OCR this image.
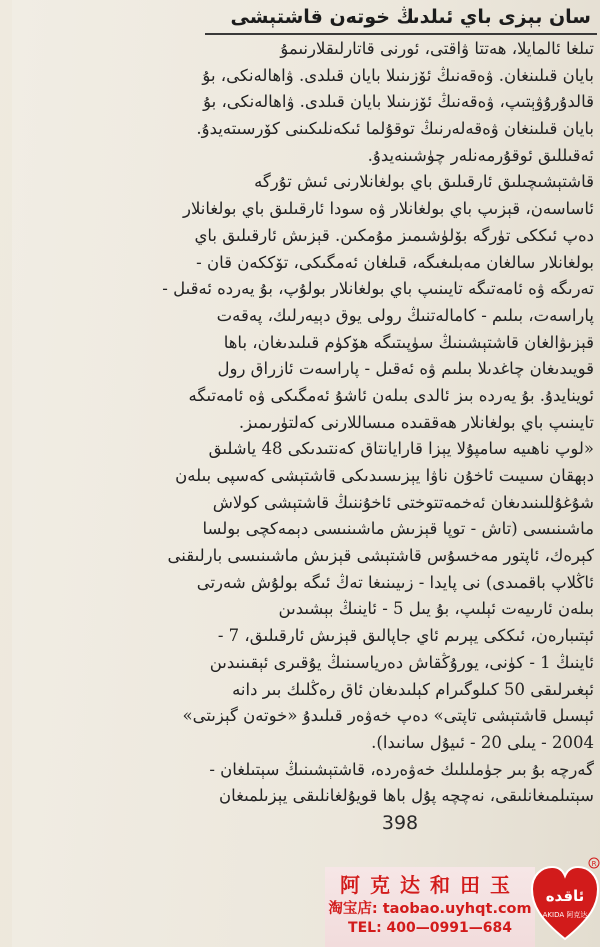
سان بېزى باي ئىلدىڭ خوتەن قاشتېشى
تىلغا ئالمايلا، ھەتتا ۋاقتى، ئورنى قاتارلىقلارنىمۇ
بايان قىلىنغان. ۋەقەنىڭ ئۆزىنىلا بايان قىلدى. ۋاھالەنكى، بۇ
قالدۇرۇۋېتىپ، ۋەقەنىڭ ئۆزىنىلا بايان قىلدى. ۋاھالەنكى، بۇ
بايان قىلىنغان ۋەقەلەرنىڭ توقۇلما ئىكەنلىكىنى كۆرسىتەيدۇ.
ئەقىللىق ئوقۇرمەنلەر چۈشىنەيدۇ.
قاشتېشىچىلىق ئارقىلىق باي بولغانلارنى ئىش تۇرگە
ئاساسەن، قېزىپ باي بولغانلار ۋە سودا ئارقىلىق باي بولغانلار
دەپ ئىككى تۈرگە بۆلۈشىمىز مۇمكىن. قېزىش ئارقىلىق باي
بولغانلار سالغان مەبلىغىگە، قىلغان ئەمگىكى، تۆككەن قان -
تەرىگە ۋە ئامەتىگە تايىنىپ باي بولغانلار بولۇپ، بۇ يەردە ئەقىل -
پاراسەت، بىلىم - كامالەتنىڭ رولى يوق دېيەرلىك، پەقەت
قېزىۋالغان قاشتېشىنىڭ سۈپىتىگە ھۆكۈم قىلىدىغان، باھا
قويىدىغان چاغدىلا بىلىم ۋە ئەقىل - پاراسەت ئازراق رول
ئوينايدۇ. بۇ يەردە بىز ئالدى بىلەن ئاشۇ ئەمگىكى ۋە ئامەتىگە
تايىنىپ باي بولغانلار ھەققىدە مىساللارنى كەلتۈرىمىز.
«لوپ ناھىيە سامپۇلا يېزا قارايانتاق كەنتىدىكى 48 ياشلىق
دېھقان سىيىت ئاخۇن ناۋا يېزىسىدىكى قاشتېشى كەسپى بىلەن
شۇغۇللىنىدىغان ئەخمەتتوختى ئاخۇننىڭ قاشتېشى كولاش
ماشىنىسى (تاش - توپا قېزىش ماشىنىسى دېمەكچى بولسا
كېرەك، ئاپتور مەخسۇس قاشتېشى قېزىش ماشىنىسى بارلىقنى
ئاڭلاپ باقمىدى) نى پايدا - زىيىنىغا تەڭ ئىگە بولۇش شەرتى
بىلەن ئارىيەت ئېلىپ، بۇ يىل 5 - ئاينىڭ بېشىدىن
ئېتىبارەن، ئىككى يېرىم ئاي جاپالىق قېزىش ئارقىلىق، 7 -
ئاينىڭ 1 - كۈنى، يورۇڭقاش دەرياسىنىڭ يۇقىرى ئېقىنىدىن
ئېغىرلىقى 50 كىلوگىرام كېلىدىغان ئاق رەڭلىك بىر دانە
ئېسىل قاشتېشى تاپتى» دەپ خەۋەر قىلىدۇ «خوتەن گېزىتى»
2004 - يىلى 20 - ئىيۇل سانىدا).
گەرچە بۇ بىر جۈملىلىك خەۋەردە، قاشتېشىنىڭ سېتىلغان -
سېتىلمىغانلىقى، نەچچە پۇل باھا قويۇلغانلىقى يېزىلمىغان
398
阿克达和田玉
淘宝店: taobao.uyhqt.com
TEL: 400—0991—684
ئاقدە
AKIDA 阿克达
R
